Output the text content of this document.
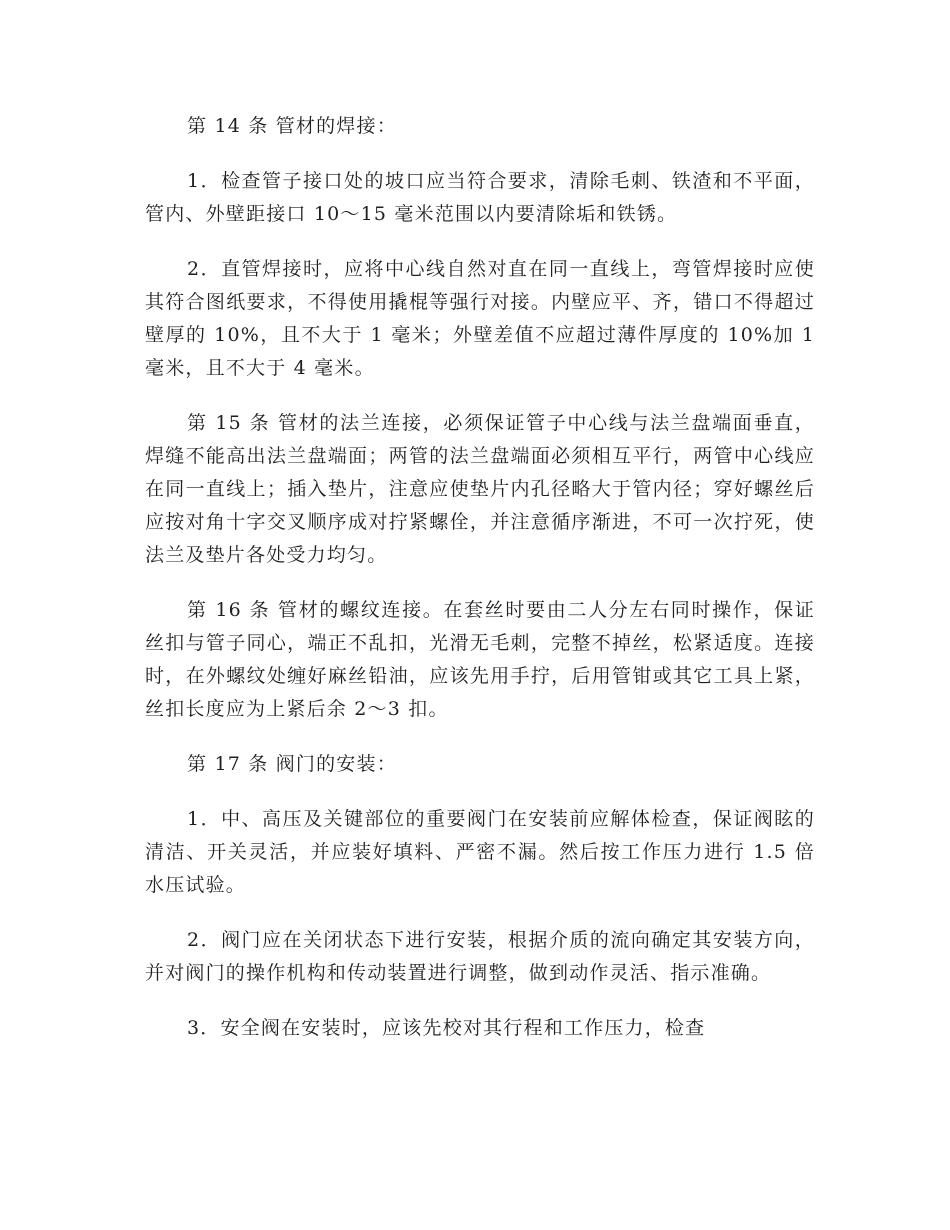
第 14 条 管材的焊接：

1．检查管子接口处的坡口应当符合要求，清除毛刺、铁渣和不平面，管内、外壁距接口 10～15 毫米范围以内要清除垢和铁锈。

2．直管焊接时，应将中心线自然对直在同一直线上，弯管焊接时应使其符合图纸要求，不得使用撬棍等强行对接。内壁应平、齐，错口不得超过壁厚的 10%，且不大于 1 毫米；外壁差值不应超过薄件厚度的 10%加 1 毫米，且不大于 4 毫米。

第 15 条 管材的法兰连接，必须保证管子中心线与法兰盘端面垂直，焊缝不能高出法兰盘端面；两管的法兰盘端面必须相互平行，两管中心线应在同一直线上；插入垫片，注意应使垫片内孔径略大于管内径；穿好螺丝后应按对角十字交叉顺序成对拧紧螺佺，并注意循序渐进，不可一次拧死，使法兰及垫片各处受力均匀。

第 16 条 管材的螺纹连接。在套丝时要由二人分左右同时操作，保证丝扣与管子同心，端正不乱扣，光滑无毛刺，完整不掉丝，松紧适度。连接时，在外螺纹处缠好麻丝铅油，应该先用手拧，后用管钳或其它工具上紧，丝扣长度应为上紧后余 2～3 扣。

第 17 条 阀门的安装：

1．中、高压及关键部位的重要阀门在安装前应解体检查，保证阀眩的清洁、开关灵活，并应装好填料、严密不漏。然后按工作压力进行 1.5 倍水压试验。

2．阀门应在关闭状态下进行安装，根据介质的流向确定其安装方向，并对阀门的操作机构和传动装置进行调整，做到动作灵活、指示准确。

3．安全阀在安装时，应该先校对其行程和工作压力，检查
